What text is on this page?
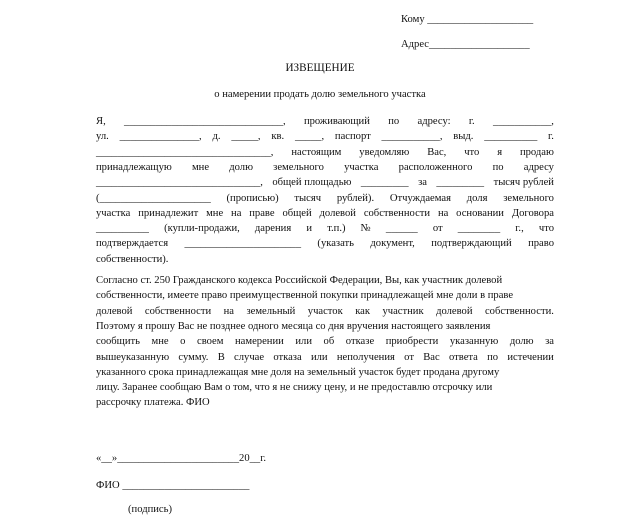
Кому ____________________
Адрес___________________
ИЗВЕЩЕНИЕ
о намерении продать долю земельного участка
Я, ______________________________, проживающий по адресу: г. ___________,
ул. _______________, д. _____, кв. _____, паспорт ___________, выд. __________ г.
_________________________________, настоящим уведомляю Вас, что я продаю
принадлежащую мне долю земельного участка расположенного по адресу
_______________________________, общей площадью _________ за _________ тысяч рублей
(_____________________ (прописью) тысяч рублей). Отчуждаемая доля земельного
участка принадлежит мне на праве общей долевой собственности на основании Договора
__________ (купли-продажи, дарения и т.п.) № ______ от ________ г., что
подтверждается ______________________ (указать документ, подтверждающий право
собственности).
Согласно ст. 250 Гражданского кодекса Российской Федерации, Вы, как участник долевой
собственности, имеете право преимущественной покупки принадлежащей мне доли в праве
долевой собственности на земельный участок как участник долевой собственности.
Поэтому я прошу Вас не позднее одного месяца со дня вручения настоящего заявления
сообщить мне о своем намерении или об отказе приобрести указанную долю за
вышеуказанную сумму. В случае отказа или неполучения от Вас ответа по истечении
указанного срока принадлежащая мне доля на земельный участок будет продана другому
лицу. Заранее сообщаю Вам о том, что я не снижу цену, и не предоставлю отсрочку или
рассрочку платежа. ФИО
«__»_______________________20__г.
ФИО ________________________
(подпись)
